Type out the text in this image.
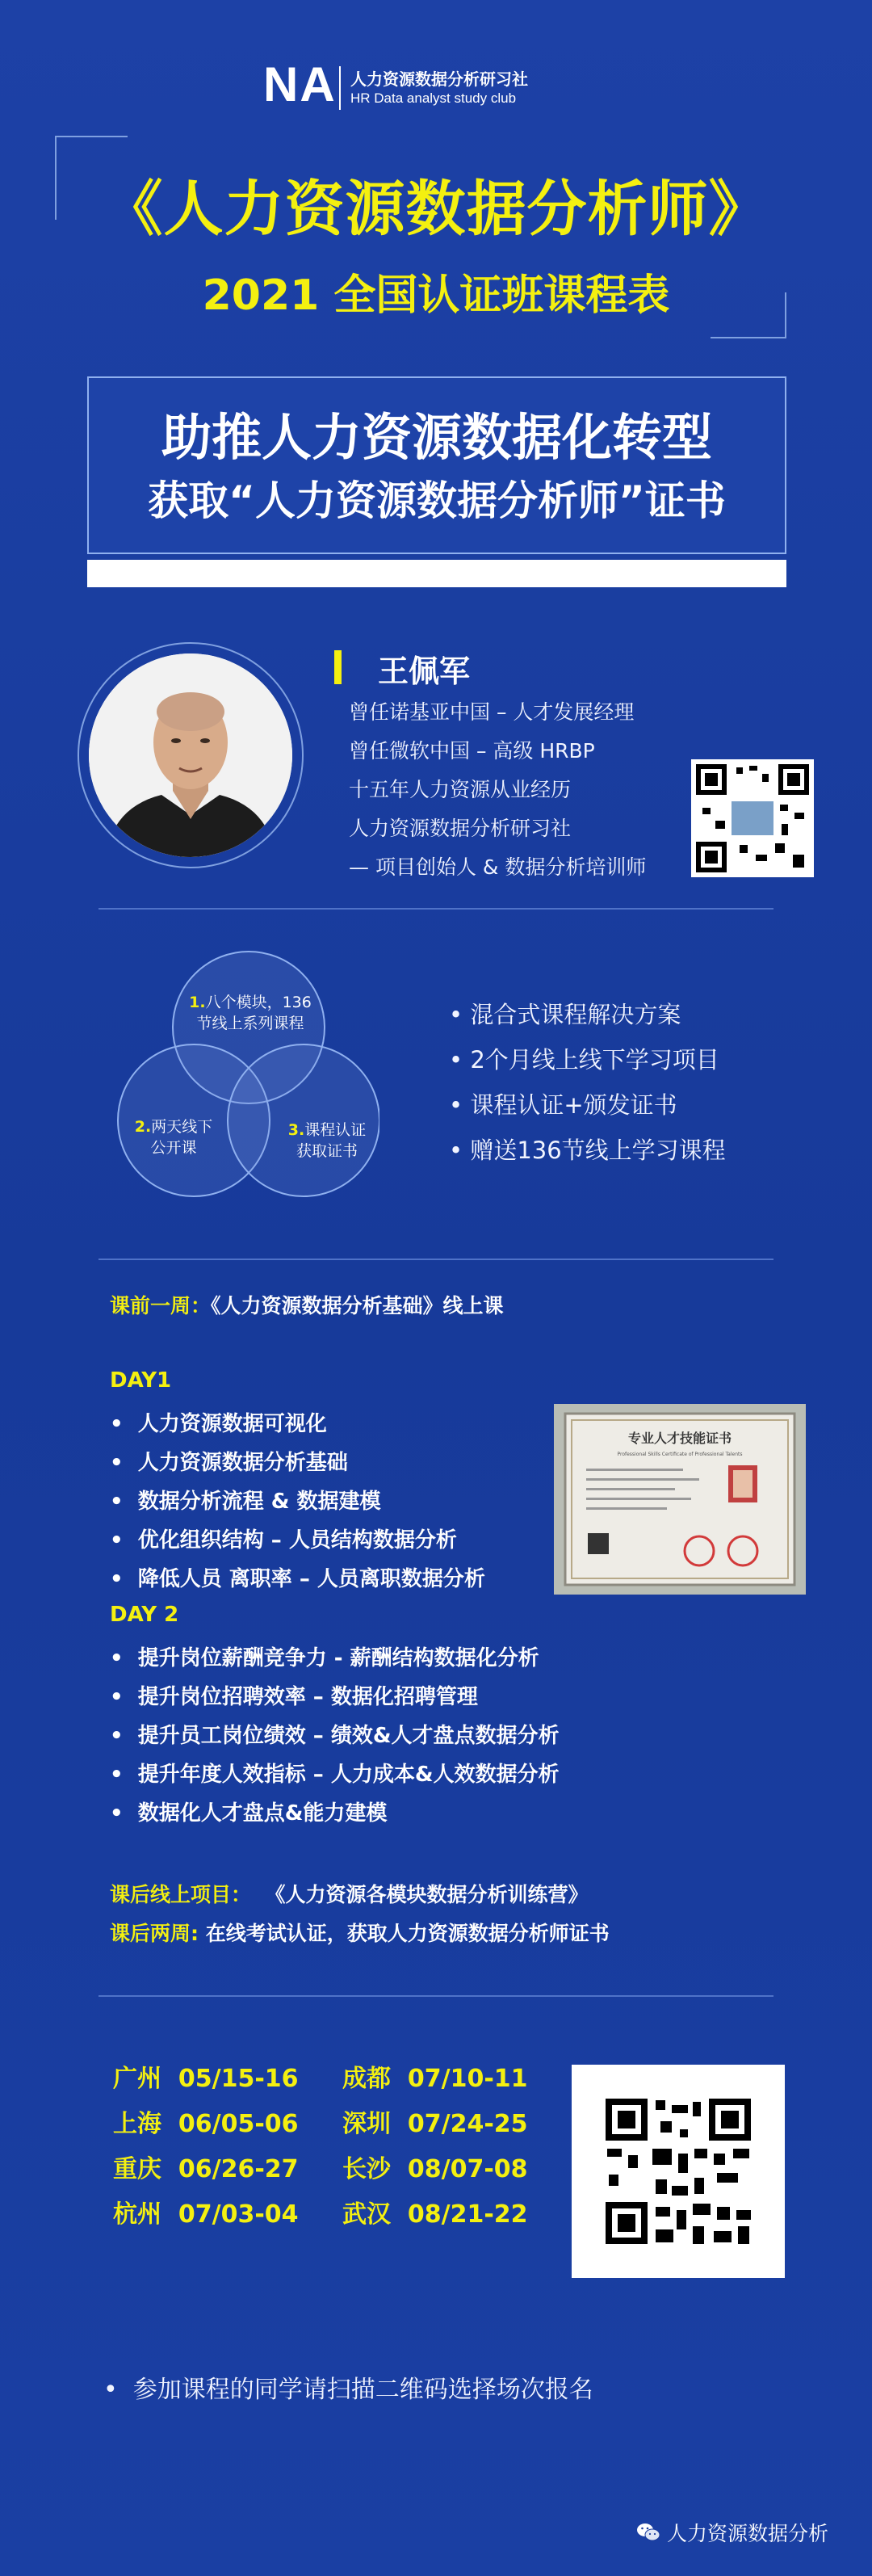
NA 人力资源数据分析研习社
HR Data analyst study club
《人力资源数据分析师》
2021 全国认证班课程表
助推人力资源数据化转型
获取“人力资源数据分析师”证书
王佩军
曾任诺基亚中国 – 人才发展经理
曾任微软中国 – 高级 HRBP
十五年人力资源从业经历
人力资源数据分析研习社
— 项目创始人 & 数据分析培训师
1.八个模块，136
节线上系列课程
2.两天线下
公开课
3.课程认证
获取证书
• 混合式课程解决方案
• 2个月线上线下学习项目
• 课程认证+颁发证书
• 赠送136节线上学习课程
课前一周：《人力资源数据分析基础》线上课
DAY1
•  人力资源数据可视化
•  人力资源数据分析基础
•  数据分析流程 & 数据建模
•  优化组织结构 – 人员结构数据分析
•  降低人员 离职率 – 人员离职数据分析
DAY 2
•  提升岗位薪酬竞争力 - 薪酬结构数据化分析
•  提升岗位招聘效率 – 数据化招聘管理
•  提升员工岗位绩效 – 绩效&人才盘点数据分析
•  提升年度人效指标 – 人力成本&人效数据分析
•  数据化人才盘点&能力建模
专业人才技能证书
Professional Skills Certificate of Professional Talents
课后线上项目： 《人力资源各模块数据分析训练营》
课后两周: 在线考试认证，获取人力资源数据分析师证书
广州 05/15-16
上海 06/05-06
重庆 06/26-27
杭州 07/03-04
成都 07/10-11
深圳 07/24-25
长沙 08/07-08
武汉 08/21-22
•  参加课程的同学请扫描二维码选择场次报名
人力资源数据分析
